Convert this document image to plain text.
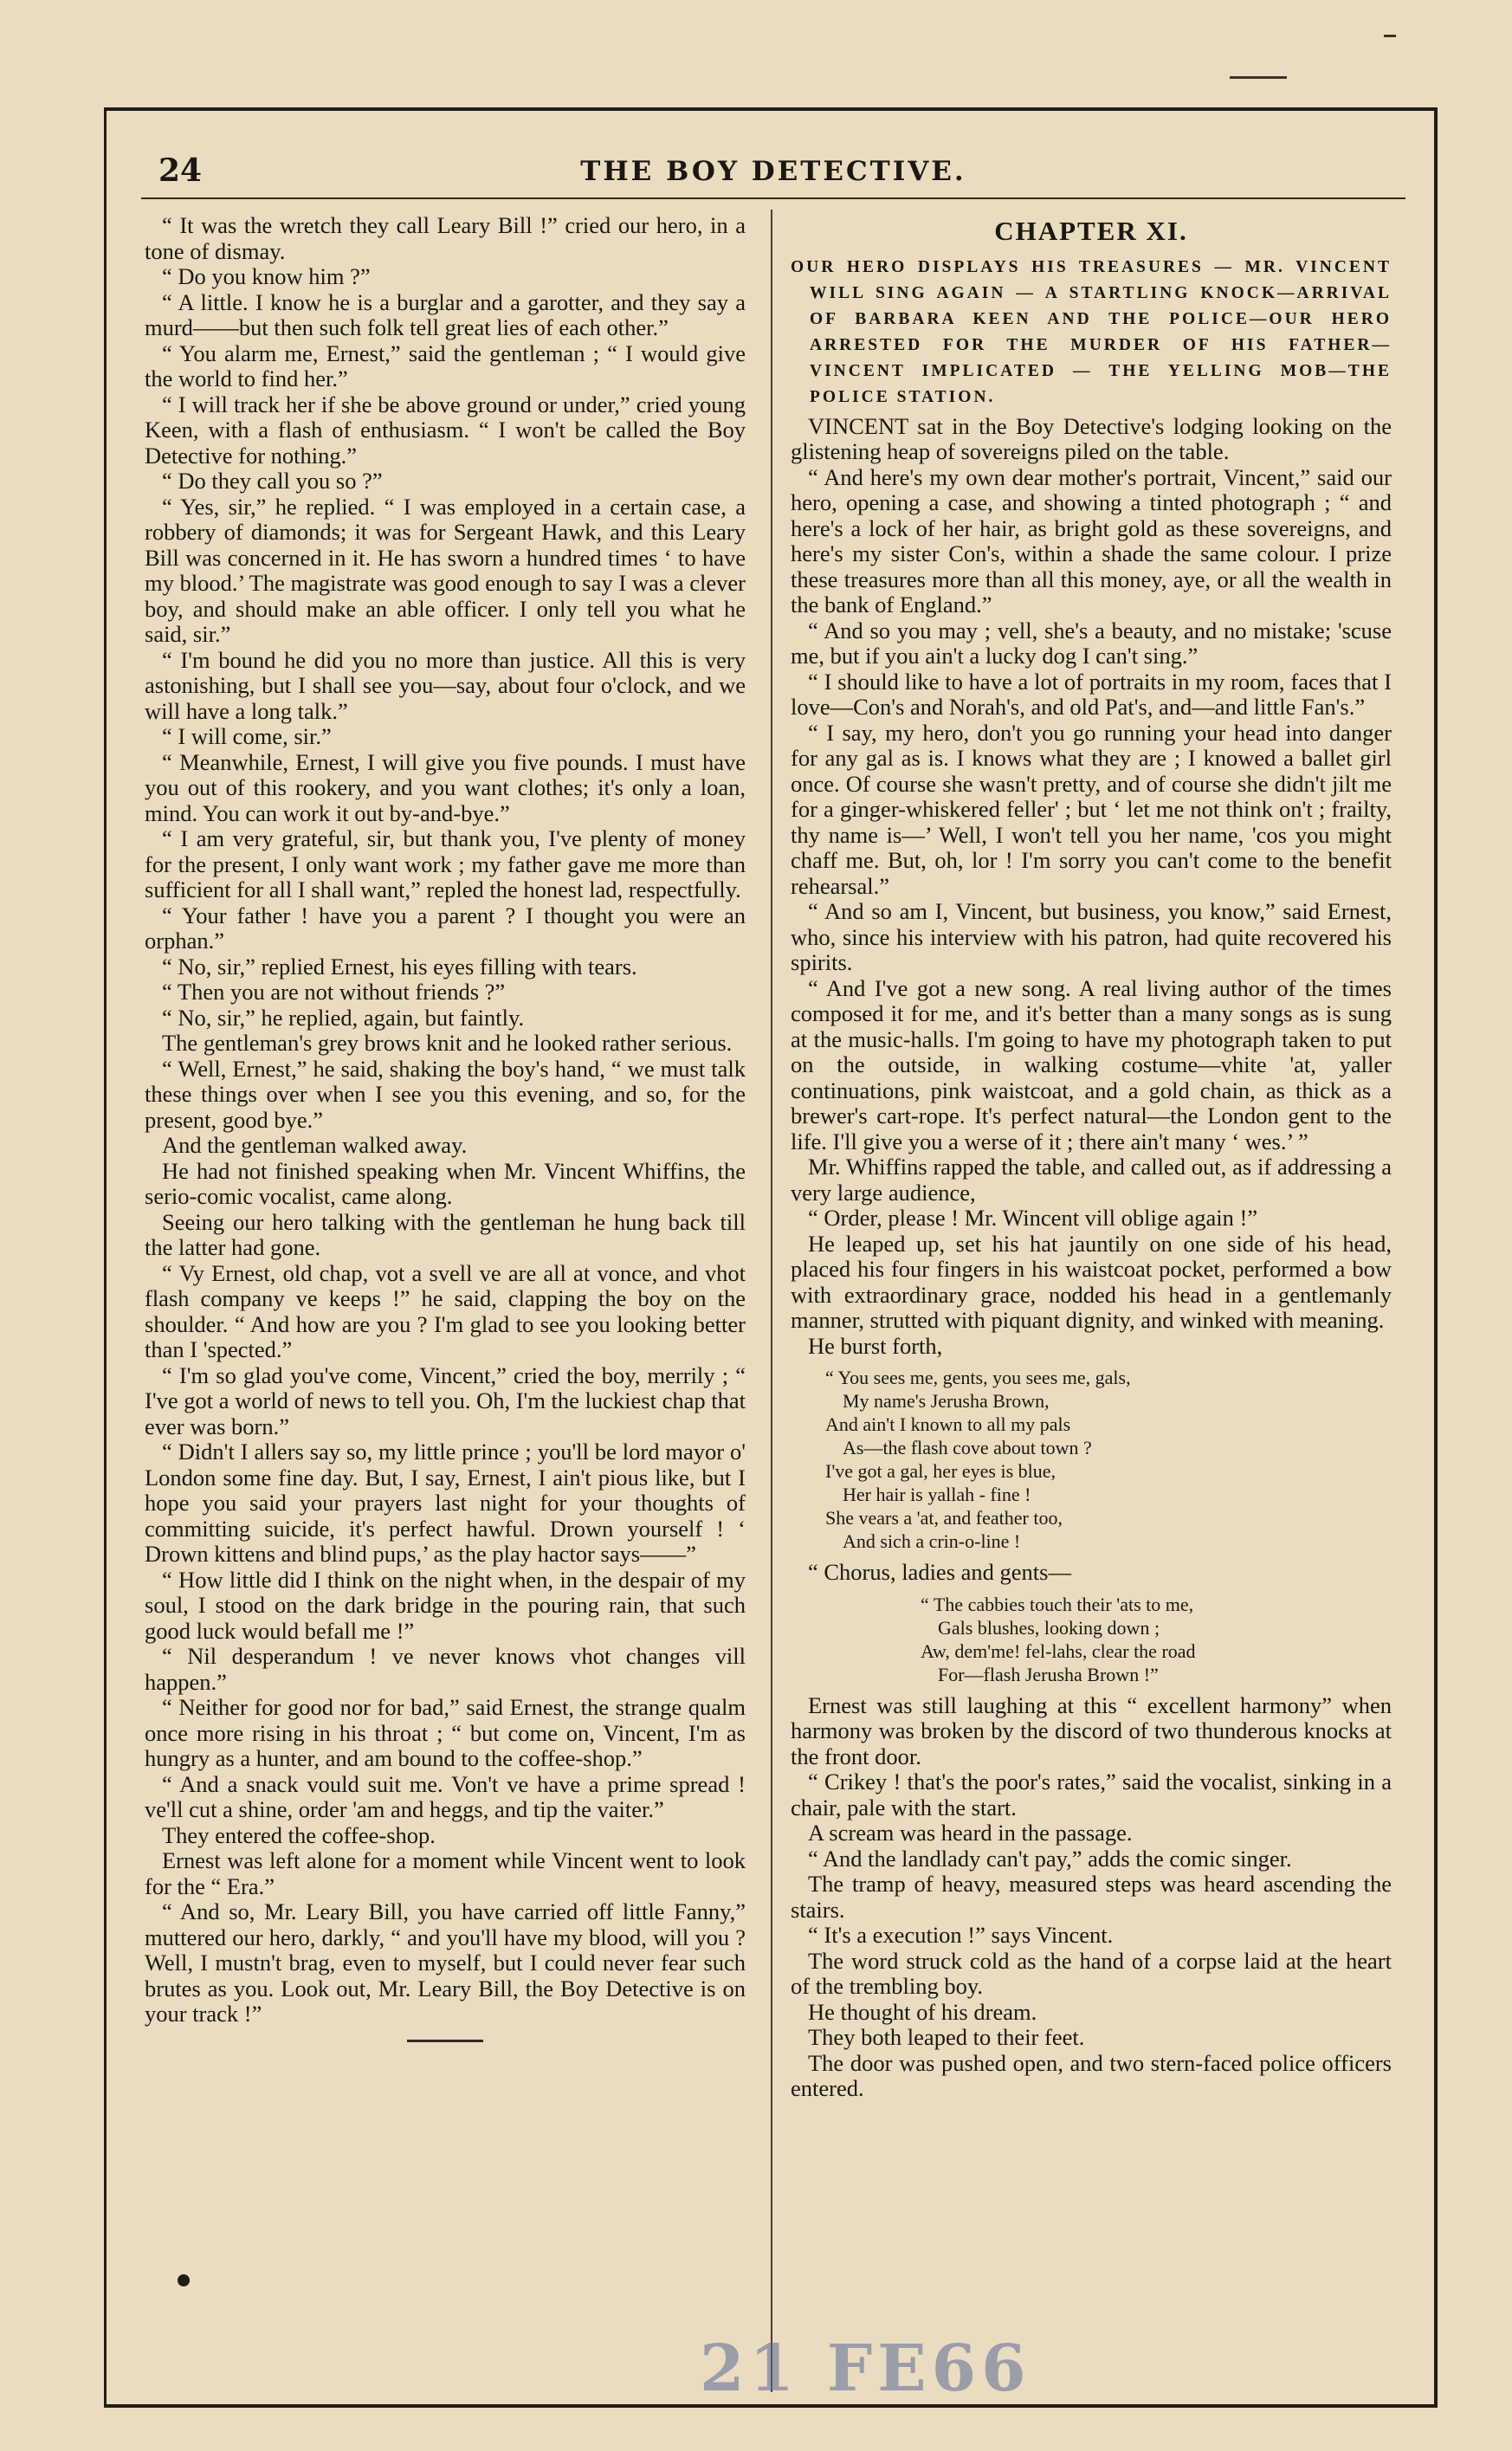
24	THE BOY DETECTIVE.

“ It was the wretch they call Leary Bill !” cried our hero, in a tone of dismay.

“ Do you know him ?”

“ A little. I know he is a burglar and a garotter, and they say a murd——but then such folk tell great lies of each other.”

“ You alarm me, Ernest,” said the gentleman ; “ I would give the world to find her.”

“ I will track her if she be above ground or under,” cried young Keen, with a flash of enthusiasm. “ I won't be called the Boy Detective for nothing.”

“ Do they call you so ?”

“ Yes, sir,” he replied. “ I was employed in a certain case, a robbery of diamonds; it was for Sergeant Hawk, and this Leary Bill was concerned in it. He has sworn a hundred times ‘ to have my blood.’ The magistrate was good enough to say I was a clever boy, and should make an able officer. I only tell you what he said, sir.”

“ I'm bound he did you no more than justice. All this is very astonishing, but I shall see you—say, about four o'clock, and we will have a long talk.”

“ I will come, sir.”

“ Meanwhile, Ernest, I will give you five pounds. I must have you out of this rookery, and you want clothes; it's only a loan, mind. You can work it out by-and-bye.”

“ I am very grateful, sir, but thank you, I've plenty of money for the present, I only want work ; my father gave me more than sufficient for all I shall want,” repled the honest lad, respectfully.

“ Your father ! have you a parent ? I thought you were an orphan.”

“ No, sir,” replied Ernest, his eyes filling with tears.

“ Then you are not without friends ?”

“ No, sir,” he replied, again, but faintly.

The gentleman's grey brows knit and he looked rather serious.

“ Well, Ernest,” he said, shaking the boy's hand, “ we must talk these things over when I see you this evening, and so, for the present, good bye.”

And the gentleman walked away.

He had not finished speaking when Mr. Vincent Whiffins, the serio-comic vocalist, came along.

Seeing our hero talking with the gentleman he hung back till the latter had gone.

“ Vy Ernest, old chap, vot a svell ve are all at vonce, and vhot flash company ve keeps !” he said, clapping the boy on the shoulder. “ And how are you ? I'm glad to see you looking better than I 'spected.”

“ I'm so glad you've come, Vincent,” cried the boy, merrily ; “ I've got a world of news to tell you. Oh, I'm the luckiest chap that ever was born.”

“ Didn't I allers say so, my little prince ; you'll be lord mayor o' London some fine day. But, I say, Ernest, I ain't pious like, but I hope you said your prayers last night for your thoughts of committing suicide, it's perfect hawful. Drown yourself ! ‘ Drown kittens and blind pups,’ as the play hactor says——”

“ How little did I think on the night when, in the despair of my soul, I stood on the dark bridge in the pouring rain, that such good luck would befall me !”

“ Nil desperandum ! ve never knows vhot changes vill happen.”

“ Neither for good nor for bad,” said Ernest, the strange qualm once more rising in his throat ; “ but come on, Vincent, I'm as hungry as a hunter, and am bound to the coffee-shop.”

“ And a snack vould suit me. Von't ve have a prime spread ! ve'll cut a shine, order 'am and heggs, and tip the vaiter.”

They entered the coffee-shop.

Ernest was left alone for a moment while Vincent went to look for the “ Era.”

“ And so, Mr. Leary Bill, you have carried off little Fanny,” muttered our hero, darkly, “ and you'll have my blood, will you ? Well, I mustn't brag, even to myself, but I could never fear such brutes as you. Look out, Mr. Leary Bill, the Boy Detective is on your track !”

CHAPTER XI.
OUR HERO DISPLAYS HIS TREASURES — MR. VINCENT WILL SING AGAIN — A STARTLING KNOCK—ARRIVAL OF BARBARA KEEN AND THE POLICE—OUR HERO ARRESTED FOR THE MURDER OF HIS FATHER—VINCENT IMPLICATED — THE YELLING MOB—THE POLICE STATION.

VINCENT sat in the Boy Detective's lodging looking on the glistening heap of sovereigns piled on the table.

“ And here's my own dear mother's portrait, Vincent,” said our hero, opening a case, and showing a tinted photograph ; “ and here's a lock of her hair, as bright gold as these sovereigns, and here's my sister Con's, within a shade the same colour. I prize these treasures more than all this money, aye, or all the wealth in the bank of England.”

“ And so you may ; vell, she's a beauty, and no mistake; 'scuse me, but if you ain't a lucky dog I can't sing.”

“ I should like to have a lot of portraits in my room, faces that I love—Con's and Norah's, and old Pat's, and—and little Fan's.”

“ I say, my hero, don't you go running your head into danger for any gal as is. I knows what they are ; I knowed a ballet girl once. Of course she wasn't pretty, and of course she didn't jilt me for a ginger-whiskered feller' ; but ‘ let me not think on't ; frailty, thy name is—’ Well, I won't tell you her name, 'cos you might chaff me. But, oh, lor ! I'm sorry you can't come to the benefit rehearsal.”

“ And so am I, Vincent, but business, you know,” said Ernest, who, since his interview with his patron, had quite recovered his spirits.

“ And I've got a new song. A real living author of the times composed it for me, and it's better than a many songs as is sung at the music-halls. I'm going to have my photograph taken to put on the outside, in walking costume—vhite 'at, yaller continuations, pink waistcoat, and a gold chain, as thick as a brewer's cart-rope. It's perfect natural—the London gent to the life. I'll give you a werse of it ; there ain't many ‘ wes.’ ”

Mr. Whiffins rapped the table, and called out, as if addressing a very large audience,

“ Order, please ! Mr. Wincent vill oblige again !”

He leaped up, set his hat jauntily on one side of his head, placed his four fingers in his waistcoat pocket, performed a bow with extraordinary grace, nodded his head in a gentlemanly manner, strutted with piquant dignity, and winked with meaning.

He burst forth,

“ You sees me, gents, you sees me, gals,
My name's Jerusha Brown,
And ain't I known to all my pals
As—the flash cove about town ?
I've got a gal, her eyes is blue,
Her hair is yallah - fine !
She vears a 'at, and feather too,
And sich a crin-o-line !

“ Chorus, ladies and gents—

“ The cabbies touch their 'ats to me,
Gals blushes, looking down ;
Aw, dem'me! fel-lahs, clear the road
For—flash Jerusha Brown !”

Ernest was still laughing at this “ excellent harmony” when harmony was broken by the discord of two thunderous knocks at the front door.

“ Crikey ! that's the poor's rates,” said the vocalist, sinking in a chair, pale with the start.

A scream was heard in the passage.

“ And the landlady can't pay,” adds the comic singer.

The tramp of heavy, measured steps was heard ascending the stairs.

“ It's a execution !” says Vincent.

The word struck cold as the hand of a corpse laid at the heart of the trembling boy.

He thought of his dream.

They both leaped to their feet.

The door was pushed open, and two stern-faced police officers entered.

21 FE66
